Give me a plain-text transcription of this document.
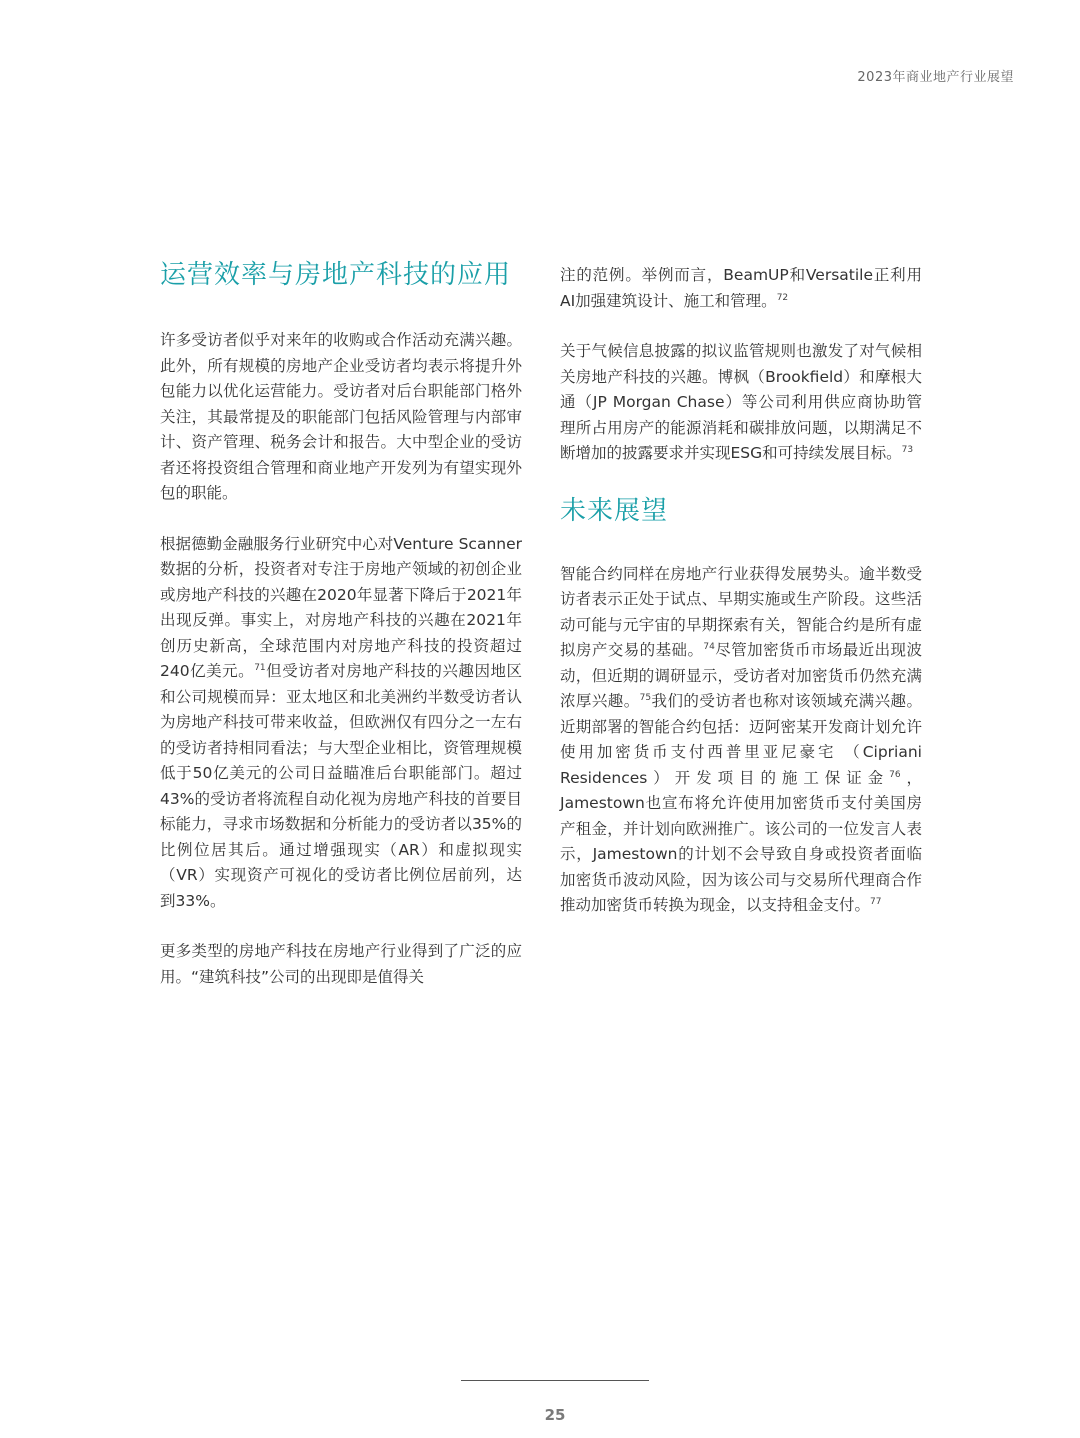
2023年商业地产行业展望
运营效率与房地产科技的应用

许多受访者似乎对来年的收购或合作活动充满兴趣。此外，所有规模的房地产企业受访者均表示将提升外包能力以优化运营能力。受访者对后台职能部门格外关注，其最常提及的职能部门包括风险管理与内部审计、资产管理、税务会计和报告。大中型企业的受访者还将投资组合管理和商业地产开发列为有望实现外包的职能。

根据德勤金融服务行业研究中心对Venture Scanner数据的分析，投资者对专注于房地产领域的初创企业或房地产科技的兴趣在2020年显著下降后于2021年出现反弹。事实上，对房地产科技的兴趣在2021年创历史新高，全球范围内对房地产科技的投资超过240亿美元。$^{71}$但受访者对房地产科技的兴趣因地区和公司规模而异：亚太地区和北美洲约半数受访者认为房地产科技可带来收益，但欧洲仅有四分之一左右的受访者持相同看法；与大型企业相比，资管理规模低于50亿美元的公司日益瞄准后台职能部门。超过43%的受访者将流程自动化视为房地产科技的首要目标能力，寻求市场数据和分析能力的受访者以35%的比例位居其后。通过增强现实（AR）和虚拟现实（VR）实现资产可视化的受访者比例位居前列，达到33%。

更多类型的房地产科技在房地产行业得到了广泛的应用。“建筑科技”公司的出现即是值得关

注的范例。举例而言，BeamUP和Versatile正利用AI加强建筑设计、施工和管理。$^{72}$

关于气候信息披露的拟议监管规则也激发了对气候相关房地产科技的兴趣。博枫（Brookfield）和摩根大通（JP Morgan Chase）等公司利用供应商协助管理所占用房产的能源消耗和碳排放问题，以期满足不断增加的披露要求并实现ESG和可持续发展目标。$^{73}$

未来展望

智能合约同样在房地产行业获得发展势头。逾半数受访者表示正处于试点、早期实施或生产阶段。这些活动可能与元宇宙的早期探索有关，智能合约是所有虚拟房产交易的基础。$^{74}$尽管加密货币市场最近出现波动，但近期的调研显示，受访者对加密货币仍然充满浓厚兴趣。$^{75}$我们的受访者也称对该领域充满兴趣。近期部署的智能合约包括：迈阿密某开发商计划允许使用加密货币支付西普里亚尼豪宅 （Cipriani Residences）开发项目的施工保证金$^{76}$，Jamestown也宣布将允许使用加密货币支付美国房产租金，并计划向欧洲推广。该公司的一位发言人表示，Jamestown的计划不会导致自身或投资者面临加密货币波动风险，因为该公司与交易所代理商合作推动加密货币转换为现金，以支持租金支付。$^{77}$

25
